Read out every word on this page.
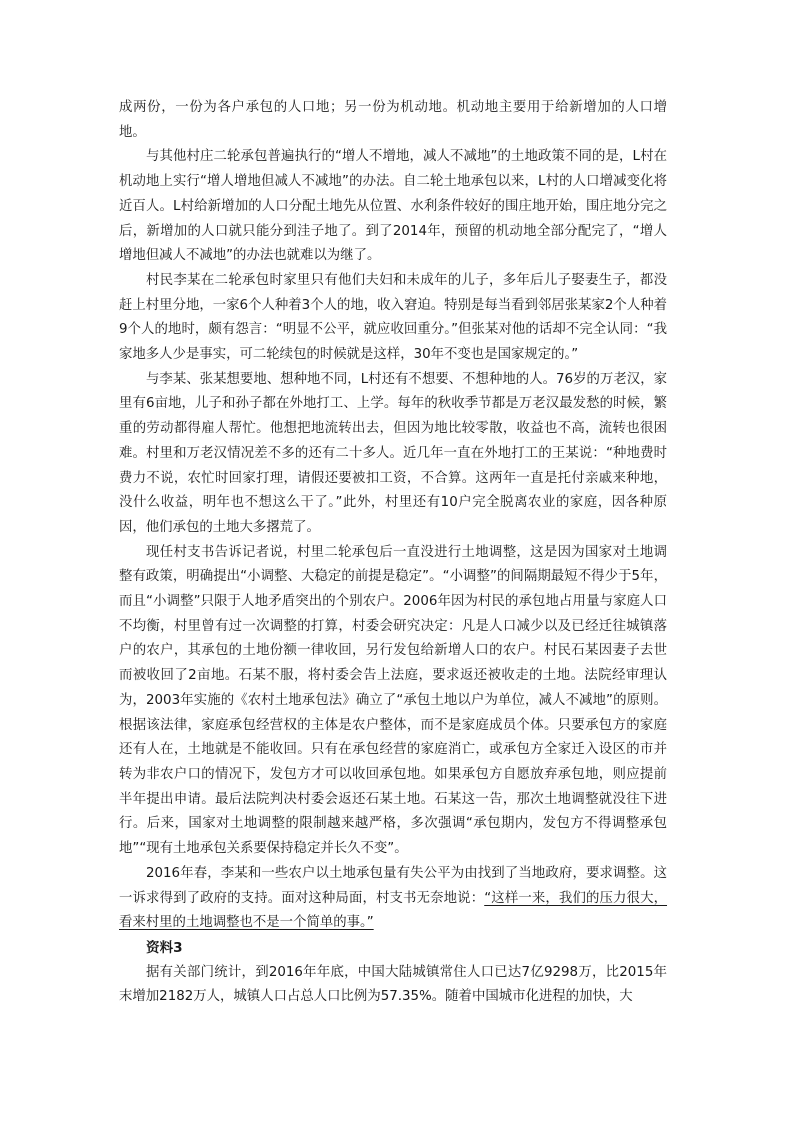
成两份，一份为各户承包的人口地；另一份为机动地。机动地主要用于给新增加的人口增地。

与其他村庄二轮承包普遍执行的“增人不增地，减人不减地”的土地政策不同的是，L村在机动地上实行“增人增地但减人不减地”的办法。自二轮土地承包以来，L村的人口增减变化将近百人。L村给新增加的人口分配土地先从位置、水利条件较好的围庄地开始，围庄地分完之后，新增加的人口就只能分到洼子地了。到了2014年，预留的机动地全部分配完了，“增人增地但减人不减地”的办法也就难以为继了。

村民李某在二轮承包时家里只有他们夫妇和未成年的儿子，多年后儿子娶妻生子，都没赶上村里分地，一家6个人种着3个人的地，收入窘迫。特别是每当看到邻居张某家2个人种着9个人的地时，颇有怨言：“明显不公平，就应收回重分。”但张某对他的话却不完全认同：“我家地多人少是事实，可二轮续包的时候就是这样，30年不变也是国家规定的。”

与李某、张某想要地、想种地不同，L村还有不想要、不想种地的人。76岁的万老汉，家里有6亩地，儿子和孙子都在外地打工、上学。每年的秋收季节都是万老汉最发愁的时候，繁重的劳动都得雇人帮忙。他想把地流转出去，但因为地比较零散，收益也不高，流转也很困难。村里和万老汉情况差不多的还有二十多人。近几年一直在外地打工的王某说：“种地费时费力不说，农忙时回家打理，请假还要被扣工资，不合算。这两年一直是托付亲戚来种地，没什么收益，明年也不想这么干了。”此外，村里还有10户完全脱离农业的家庭，因各种原因，他们承包的土地大多撂荒了。

现任村支书告诉记者说，村里二轮承包后一直没进行土地调整，这是因为国家对土地调整有政策，明确提出“小调整、大稳定的前提是稳定”。“小调整”的间隔期最短不得少于5年，而且“小调整”只限于人地矛盾突出的个别农户。2006年因为村民的承包地占用量与家庭人口不均衡，村里曾有过一次调整的打算，村委会研究决定：凡是人口减少以及已经迁往城镇落户的农户，其承包的土地份额一律收回，另行发包给新增人口的农户。村民石某因妻子去世而被收回了2亩地。石某不服，将村委会告上法庭，要求返还被收走的土地。法院经审理认为，2003年实施的《农村土地承包法》确立了“承包土地以户为单位，减人不减地”的原则。根据该法律，家庭承包经营权的主体是农户整体，而不是家庭成员个体。只要承包方的家庭还有人在，土地就是不能收回。只有在承包经营的家庭消亡，或承包方全家迁入设区的市并转为非农户口的情况下，发包方才可以收回承包地。如果承包方自愿放弃承包地，则应提前半年提出申请。最后法院判决村委会返还石某土地。石某这一告，那次土地调整就没往下进行。后来，国家对土地调整的限制越来越严格，多次强调“承包期内，发包方不得调整承包地”“现有土地承包关系要保持稳定并长久不变”。

2016年春，李某和一些农户以土地承包量有失公平为由找到了当地政府，要求调整。这一诉求得到了政府的支持。面对这种局面，村支书无奈地说：“这样一来，我们的压力很大，看来村里的土地调整也不是一个简单的事。”

资料3

据有关部门统计，到2016年年底，中国大陆城镇常住人口已达7亿9298万，比2015年末增加2182万人，城镇人口占总人口比例为57.35%。随着中国城市化进程的加快，大
